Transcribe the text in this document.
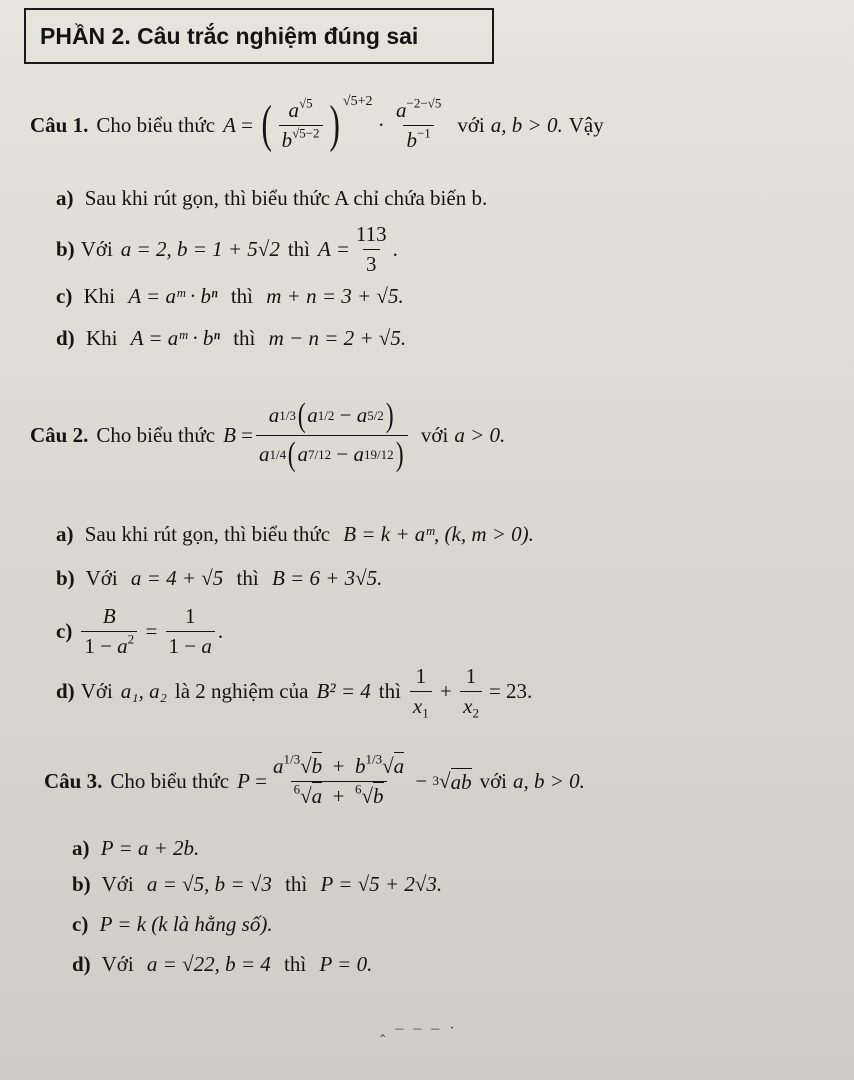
PHẦN 2. Câu trắc nghiệm đúng sai
Câu 1. Cho biểu thức A = ( $\frac{a^{√5}}{b^{√5-2}}$ ) √5+2
· $\frac{a^{-2-√5}}{b^{-1}}$ với a, b > 0. Vậy
a) Sau khi rút gọn, thì biểu thức A chỉ chứa biến b.
b) Với a = 2, b = 1 + 5√2 thì $A = \frac{113}{3}$ .
c) Khi A = aᵐ · bⁿ thì m + n = 3 + √5.
d) Khi A = aᵐ · bⁿ thì m − n = 2 + √5.
Câu 2. Cho biểu thức $B = \frac{a 1/3 ( a 1/2 - a 5/2 )}{a 1/4 ( a 7/12 - a 19/12 )}$ với a > 0.
a) Sau khi rút gọn, thì biểu thức B = k + aᵐ, (k, m > 0).
b) Với a = 4 + √5 thì B = 6 + 3√5.
$c) \frac{B}{1 - a^2} = \frac{1}{1 - a}$ .
d) Với a₁, a₂ là 2 nghiệm của B² = 4 thì $\frac{1}{x_1} + \frac{1}{x_2} = 23$.
Câu 3. Cho biểu thức $P = \frac{a^{1/3}√b + b^{1/3}√a}{^6√a + ^6√b} - 3$ √ ab với a, b > 0.
a) P = a + 2b.
b) Với a = √5, b = √3 thì P = √5 + 2√3.
c) P = k (k là hằng số).
d) Với a = √22, b = 4 thì P = 0.
‸ – – – ·
